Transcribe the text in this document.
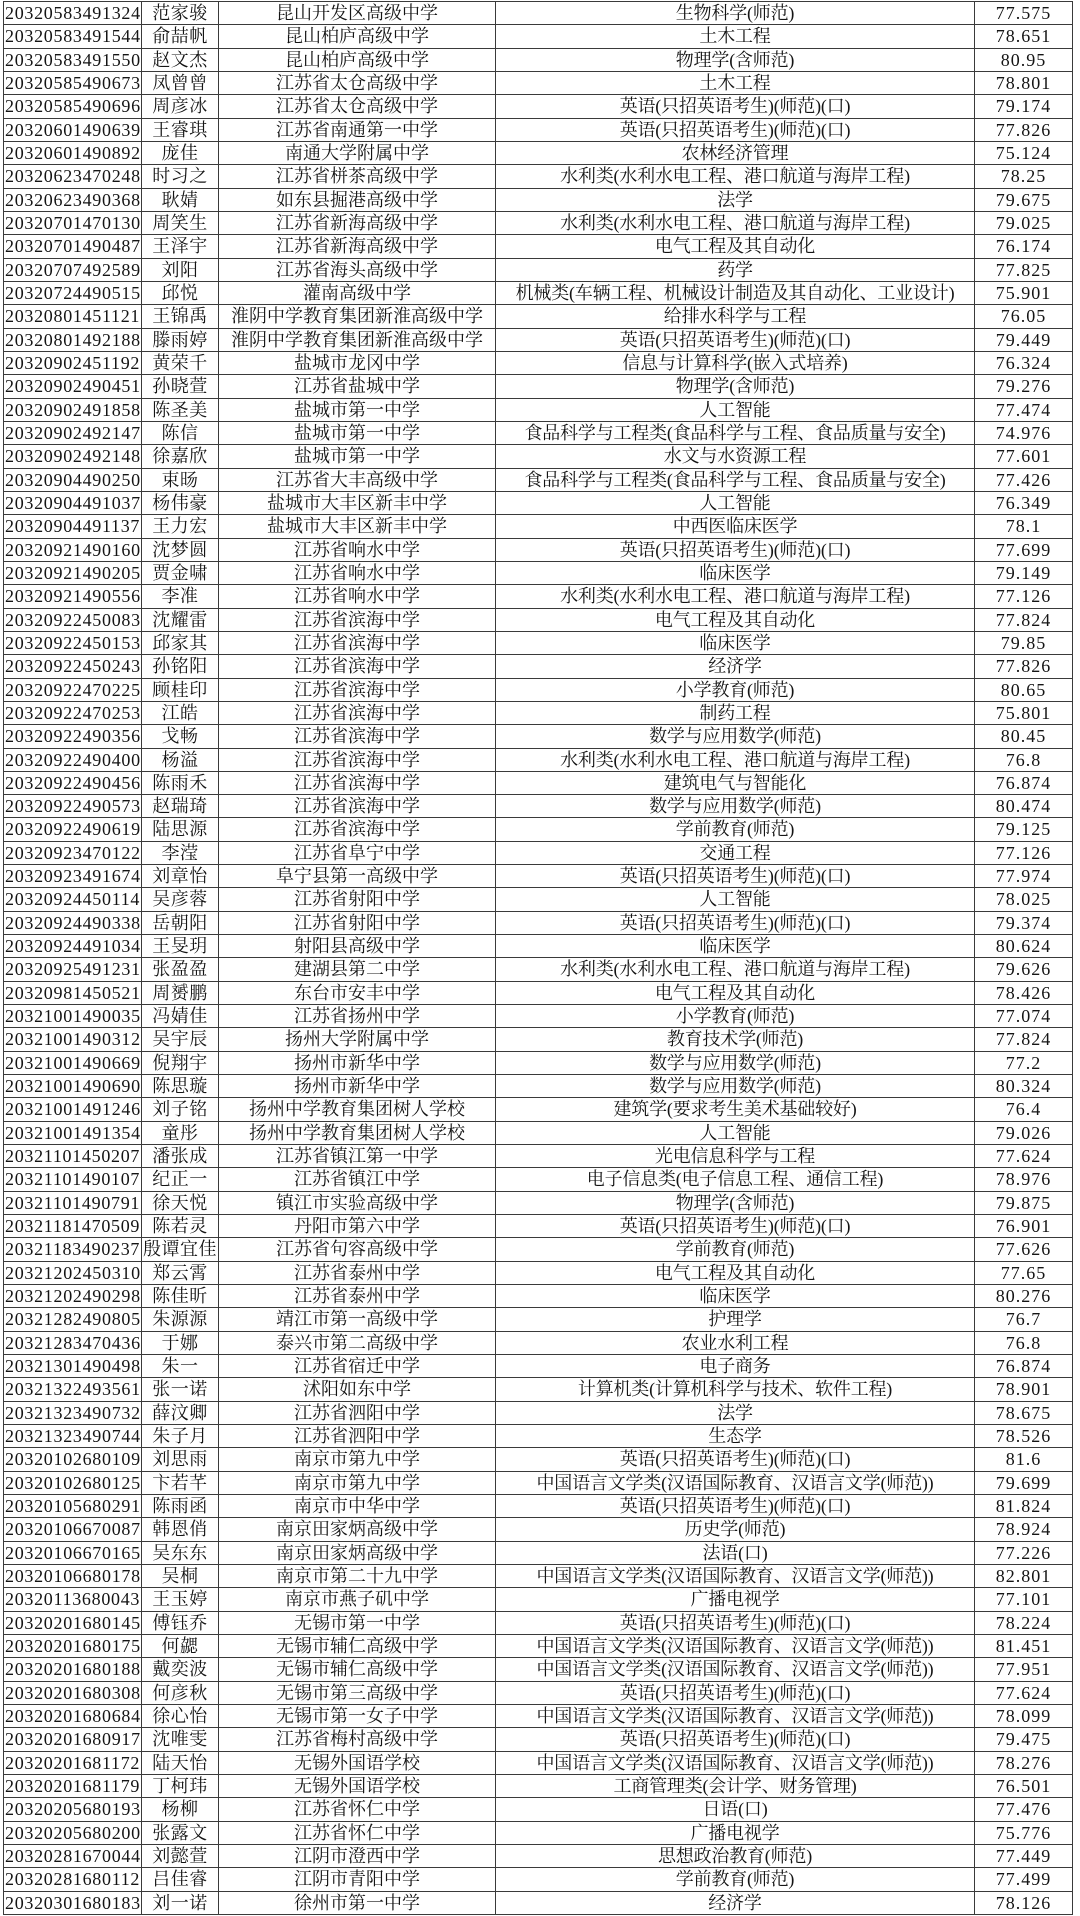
20320583491324 范家骏	昆山开发区高级中学	生物科学(师范)	77.575
20320583491544 俞喆帆	昆山柏庐高级中学	土木工程	78.651
20320583491550 赵文杰	昆山柏庐高级中学	物理学(含师范)	80.95
20320585490673 凤曾曾	江苏省太仓高级中学	土木工程	78.801
20320585490696 周彦冰	江苏省太仓高级中学	英语(只招英语考生)(师范)(口)	79.174
20320601490639 王睿琪	江苏省南通第一中学	英语(只招英语考生)(师范)(口)	77.826
20320601490892	庞佳	南通大学附属中学	农林经济管理	75.124
20320623470248 时习之	江苏省栟茶高级中学	水利类(水利水电工程、港口航道与海岸工程)	78.25
20320623490368	耿婧	如东县掘港高级中学	法学	79.675
20320701470130 周笑生	江苏省新海高级中学	水利类(水利水电工程、港口航道与海岸工程)	79.025
20320701490487 王泽宇	江苏省新海高级中学	电气工程及其自动化	76.174
20320707492589	刘阳	江苏省海头高级中学	药学	77.825
20320724490515	邱悦	灌南高级中学	机械类(车辆工程、机械设计制造及其自动化、工业设计)	75.901
20320801451121 王锦禹	淮阴中学教育集团新淮高级中学	给排水科学与工程	76.05
20320801492188 滕雨婷	淮阴中学教育集团新淮高级中学	英语(只招英语考生)(师范)(口)	79.449
20320902451192 黄荣千	盐城市龙冈中学	信息与计算科学(嵌入式培养)	76.324
20320902490451 孙晓萱	江苏省盐城中学	物理学(含师范)	79.276
20320902491858 陈圣美	盐城市第一中学	人工智能	77.474
20320902492147	陈信	盐城市第一中学	食品科学与工程类(食品科学与工程、食品质量与安全)	74.976
20320902492148 徐嘉欣	盐城市第一中学	水文与水资源工程	77.601
20320904490250	束旸	江苏省大丰高级中学	食品科学与工程类(食品科学与工程、食品质量与安全)	77.426
20320904491037 杨伟豪	盐城市大丰区新丰中学	人工智能	76.349
20320904491137 王力宏	盐城市大丰区新丰中学	中西医临床医学	78.1
20320921490160 沈梦圆	江苏省响水中学	英语(只招英语考生)(师范)(口)	77.699
20320921490205 贾金啸	江苏省响水中学	临床医学	79.149
20320921490556	李准	江苏省响水中学	水利类(水利水电工程、港口航道与海岸工程)	77.126
20320922450083 沈耀雷	江苏省滨海中学	电气工程及其自动化	77.824
20320922450153 邱家其	江苏省滨海中学	临床医学	79.85
20320922450243 孙铭阳	江苏省滨海中学	经济学	77.826
20320922470225 顾桂印	江苏省滨海中学	小学教育(师范)	80.65
20320922470253	江皓	江苏省滨海中学	制药工程	75.801
20320922490356	戈畅	江苏省滨海中学	数学与应用数学(师范)	80.45
20320922490400	杨溢	江苏省滨海中学	水利类(水利水电工程、港口航道与海岸工程)	76.8
20320922490456 陈雨禾	江苏省滨海中学	建筑电气与智能化	76.874
20320922490573 赵瑞琦	江苏省滨海中学	数学与应用数学(师范)	80.474
20320922490619 陆思源	江苏省滨海中学	学前教育(师范)	79.125
20320923470122	李滢	江苏省阜宁中学	交通工程	77.126
20320923491674 刘章怡	阜宁县第一高级中学	英语(只招英语考生)(师范)(口)	77.974
20320924450114 吴彦蓉	江苏省射阳中学	人工智能	78.025
20320924490338 岳朝阳	江苏省射阳中学	英语(只招英语考生)(师范)(口)	79.374
20320924491034 王旻玥	射阳县高级中学	临床医学	80.624
20320925491231 张盈盈	建湖县第二中学	水利类(水利水电工程、港口航道与海岸工程)	79.626
20320981450521 周赟鹏	东台市安丰中学	电气工程及其自动化	78.426
20321001490035 冯婧佳	江苏省扬州中学	小学教育(师范)	77.074
20321001490312 吴宇辰	扬州大学附属中学	教育技术学(师范)	77.824
20321001490669 倪翔宇	扬州市新华中学	数学与应用数学(师范)	77.2
20321001490690 陈思璇	扬州市新华中学	数学与应用数学(师范)	80.324
20321001491246 刘子铭	扬州中学教育集团树人学校	建筑学(要求考生美术基础较好)	76.4
20321001491354	童彤	扬州中学教育集团树人学校	人工智能	79.026
20321101450207 潘张成	江苏省镇江第一中学	光电信息科学与工程	77.624
20321101490107 纪正一	江苏省镇江中学	电子信息类(电子信息工程、通信工程)	78.976
20321101490791 徐天悦	镇江市实验高级中学	物理学(含师范)	79.875
20321181470509 陈若灵	丹阳市第六中学	英语(只招英语考生)(师范)(口)	76.901
20321183490237 殷谭宜佳	江苏省句容高级中学	学前教育(师范)	77.626
20321202450310 郑云霄	江苏省泰州中学	电气工程及其自动化	77.65
20321202490298 陈佳昕	江苏省泰州中学	临床医学	80.276
20321282490805 朱源源	靖江市第一高级中学	护理学	76.7
20321283470436	于娜	泰兴市第二高级中学	农业水利工程	76.8
20321301490498	朱一	江苏省宿迁中学	电子商务	76.874
20321322493561 张一诺	沭阳如东中学	计算机类(计算机科学与技术、软件工程)	78.901
20321323490732 薛汶卿	江苏省泗阳中学	法学	78.675
20321323490744 朱子月	江苏省泗阳中学	生态学	78.526
20320102680109 刘思雨	南京市第九中学	英语(只招英语考生)(师范)(口)	81.6
20320102680125 卞若芊	南京市第九中学	中国语言文学类(汉语国际教育、汉语言文学(师范))	79.699
20320105680291 陈雨函	南京市中华中学	英语(只招英语考生)(师范)(口)	81.824
20320106670087 韩恩俏	南京田家炳高级中学	历史学(师范)	78.924
20320106670165 吴东东	南京田家炳高级中学	法语(口)	77.226
20320106680178	吴桐	南京市第二十九中学	中国语言文学类(汉语国际教育、汉语言文学(师范))	82.801
20320113680043 王玉婷	南京市燕子矶中学	广播电视学	77.101
20320201680145 傅钰乔	无锡市第一中学	英语(只招英语考生)(师范)(口)	78.224
20320201680175	何勰	无锡市辅仁高级中学	中国语言文学类(汉语国际教育、汉语言文学(师范))	81.451
20320201680188 戴奕波	无锡市辅仁高级中学	中国语言文学类(汉语国际教育、汉语言文学(师范))	77.951
20320201680308 何彦秋	无锡市第三高级中学	英语(只招英语考生)(师范)(口)	77.624
20320201680684 徐心怡	无锡市第一女子中学	中国语言文学类(汉语国际教育、汉语言文学(师范))	78.099
20320201680917 沈唯雯	江苏省梅村高级中学	英语(只招英语考生)(师范)(口)	79.475
20320201681172 陆天怡	无锡外国语学校	中国语言文学类(汉语国际教育、汉语言文学(师范))	78.276
20320201681179 丁柯玮	无锡外国语学校	工商管理类(会计学、财务管理)	76.501
20320205680193	杨柳	江苏省怀仁中学	日语(口)	77.476
20320205680200 张露文	江苏省怀仁中学	广播电视学	75.776
20320281670044 刘懿萱	江阴市澄西中学	思想政治教育(师范)	77.449
20320281680112 吕佳睿	江阴市青阳中学	学前教育(师范)	77.499
20320301680183 刘一诺	徐州市第一中学	经济学	78.126
